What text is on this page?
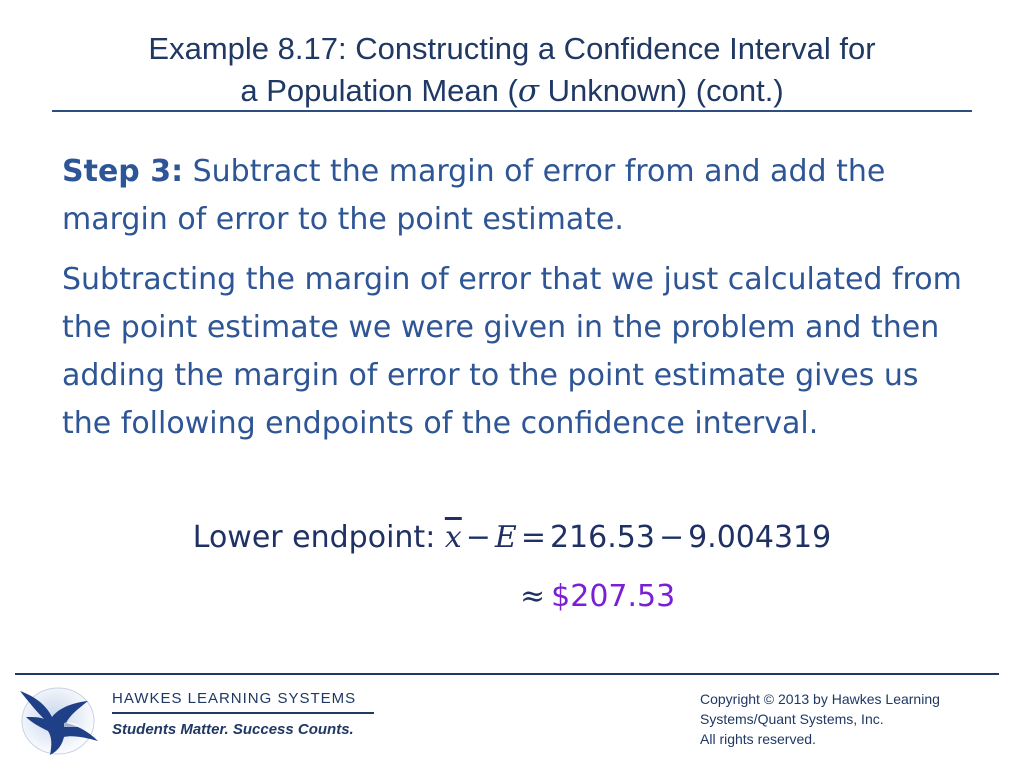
Example 8.17: Constructing a Confidence Interval for
a Population Mean (σ Unknown) (cont.)

Step 3: Subtract the margin of error from and add the margin of error to the point estimate.

Subtracting the margin of error that we just calculated from the point estimate we were given in the problem and then adding the margin of error to the point estimate gives us the following endpoints of the confidence interval.

Lower endpoint: $\overline{x} - E = 216.53 - 9.004319$
≈ $207.53
HAWKES LEARNING SYSTEMS
Students Matter. Success Counts.
Copyright © 2013 by Hawkes Learning
Systems/Quant Systems, Inc.
All rights reserved.
